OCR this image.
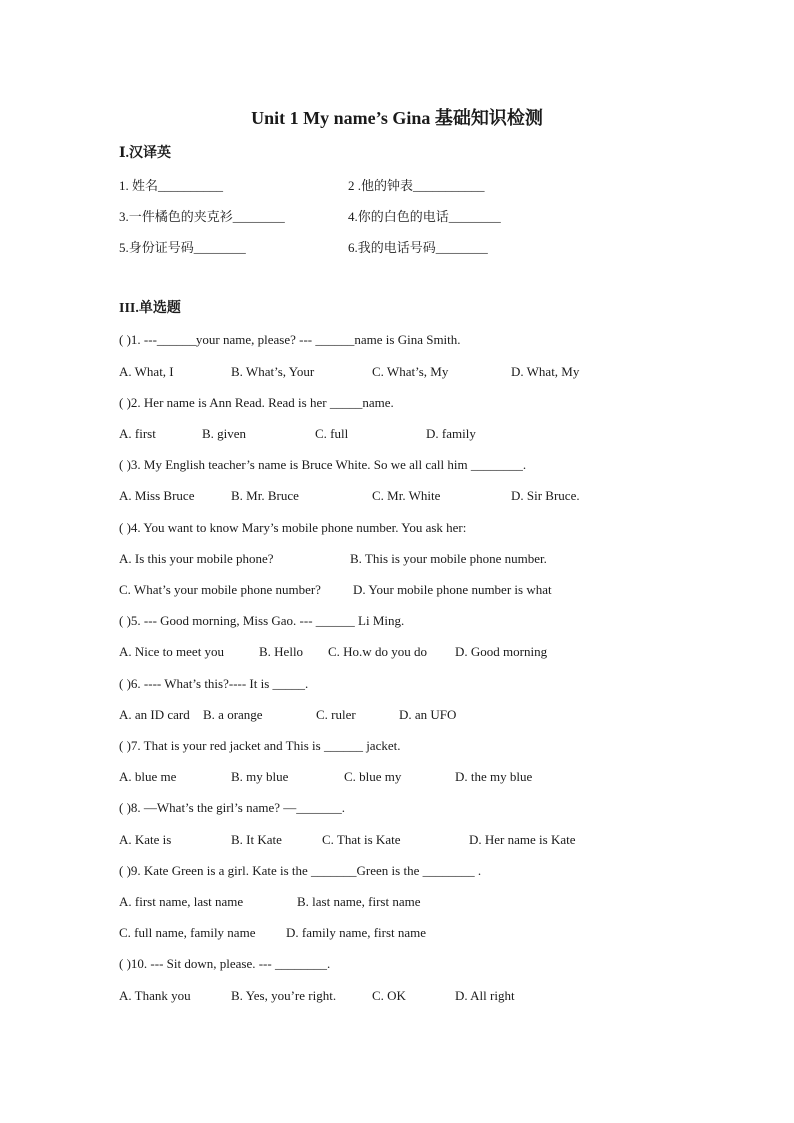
Unit 1 My name’s Gina 基础知识检测
Ⅰ.汉译英
1. 姓名__________	2 .他的钟表___________
3.一件橘色的夹克衫________	4.你的白色的电话________
5.身份证号码________	6.我的电话号码________
III.单选题
( )1. ---______your name, please? --- ______name is Gina Smith.
A. What, I	B. What’s, Your	C. What’s, My	D. What, My
( )2. Her name is Ann Read. Read is her _____name.
A. first	B. given	C. full	D. family
( )3. My English teacher’s name is Bruce White. So we all call him ________.
A. Miss Bruce	B. Mr. Bruce	C. Mr. White	D. Sir Bruce.
( )4. You want to know Mary’s mobile phone number. You ask her:
A. Is this your mobile phone?	B. This is your mobile phone number.
C. What’s your mobile phone number? D. Your mobile phone number is what
( )5. --- Good morning, Miss Gao. --- ______ Li Ming.
A. Nice to meet you	B. Hello C. Ho.w do you do D. Good morning
( )6. ---- What’s this?---- It is _____.
A. an ID card B. a orange	C. ruler	D. an UFO
( )7. That is your red jacket and This is ______ jacket.
A. blue me	B. my blue	C. blue my	D. the my blue
( )8. —What’s the girl’s name? —_______.
A. Kate is	B. It Kate	C. That is Kate	D. Her name is Kate
( )9. Kate Green is a girl. Kate is the _______Green is the ________ .
A. first name, last name	B. last name, first name
C. full name, family name D. family name, first name
( )10. --- Sit down, please. --- ________.
A. Thank you	B. Yes, you’re right.	C. OK	D. All right
